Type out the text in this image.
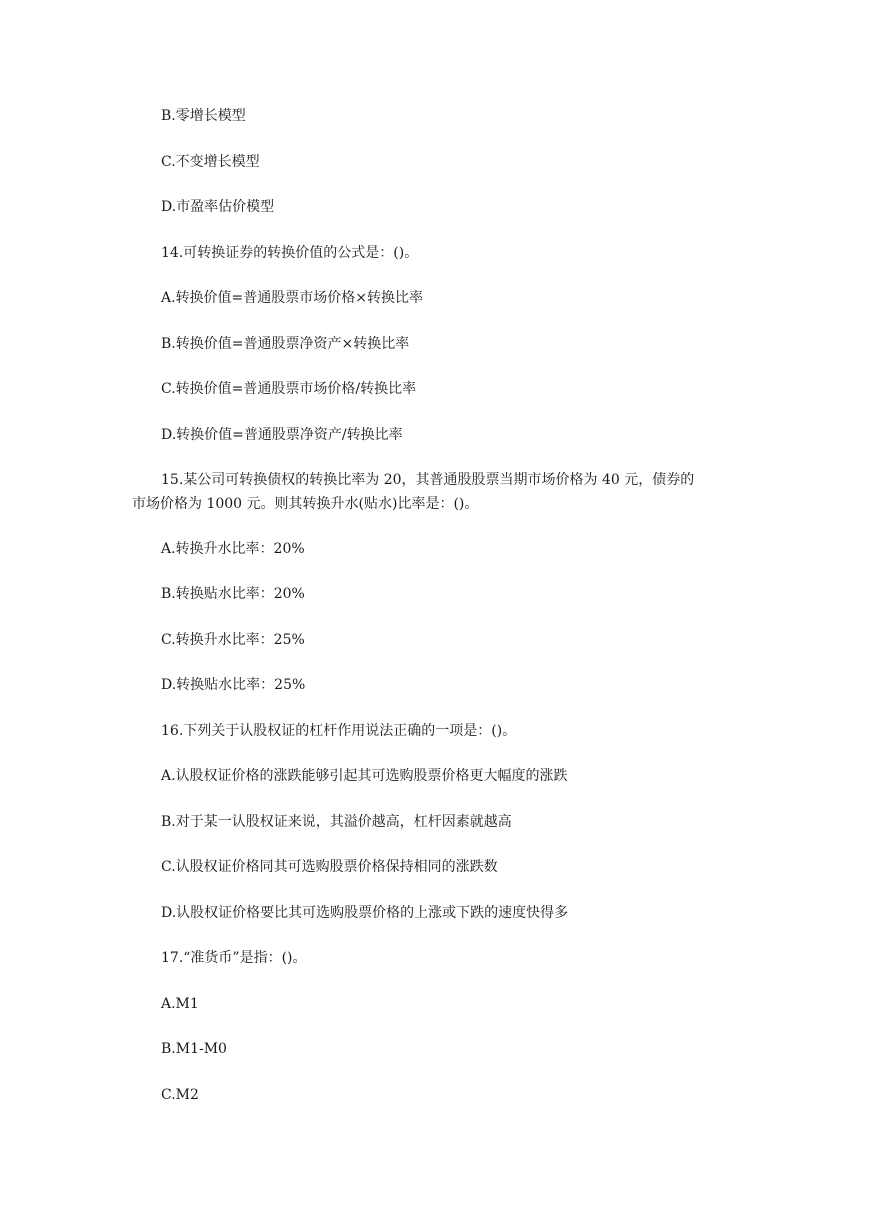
B.零增长模型
C.不变增长模型
D.市盈率估价模型
14.可转换证券的转换价值的公式是：()。
A.转换价值=普通股票市场价格×转换比率
B.转换价值=普通股票净资产×转换比率
C.转换价值=普通股票市场价格/转换比率
D.转换价值=普通股票净资产/转换比率
15.某公司可转换债权的转换比率为 20，其普通股股票当期市场价格为 40 元，债券的
市场价格为 1000 元。则其转换升水(贴水)比率是：()。
A.转换升水比率：20%
B.转换贴水比率：20%
C.转换升水比率：25%
D.转换贴水比率：25%
16.下列关于认股权证的杠杆作用说法正确的一项是：()。
A.认股权证价格的涨跌能够引起其可选购股票价格更大幅度的涨跌
B.对于某一认股权证来说，其溢价越高，杠杆因素就越高
C.认股权证价格同其可选购股票价格保持相同的涨跌数
D.认股权证价格要比其可选购股票价格的上涨或下跌的速度快得多
17.“准货币”是指：()。
A.M1
B.M1-M0
C.M2
